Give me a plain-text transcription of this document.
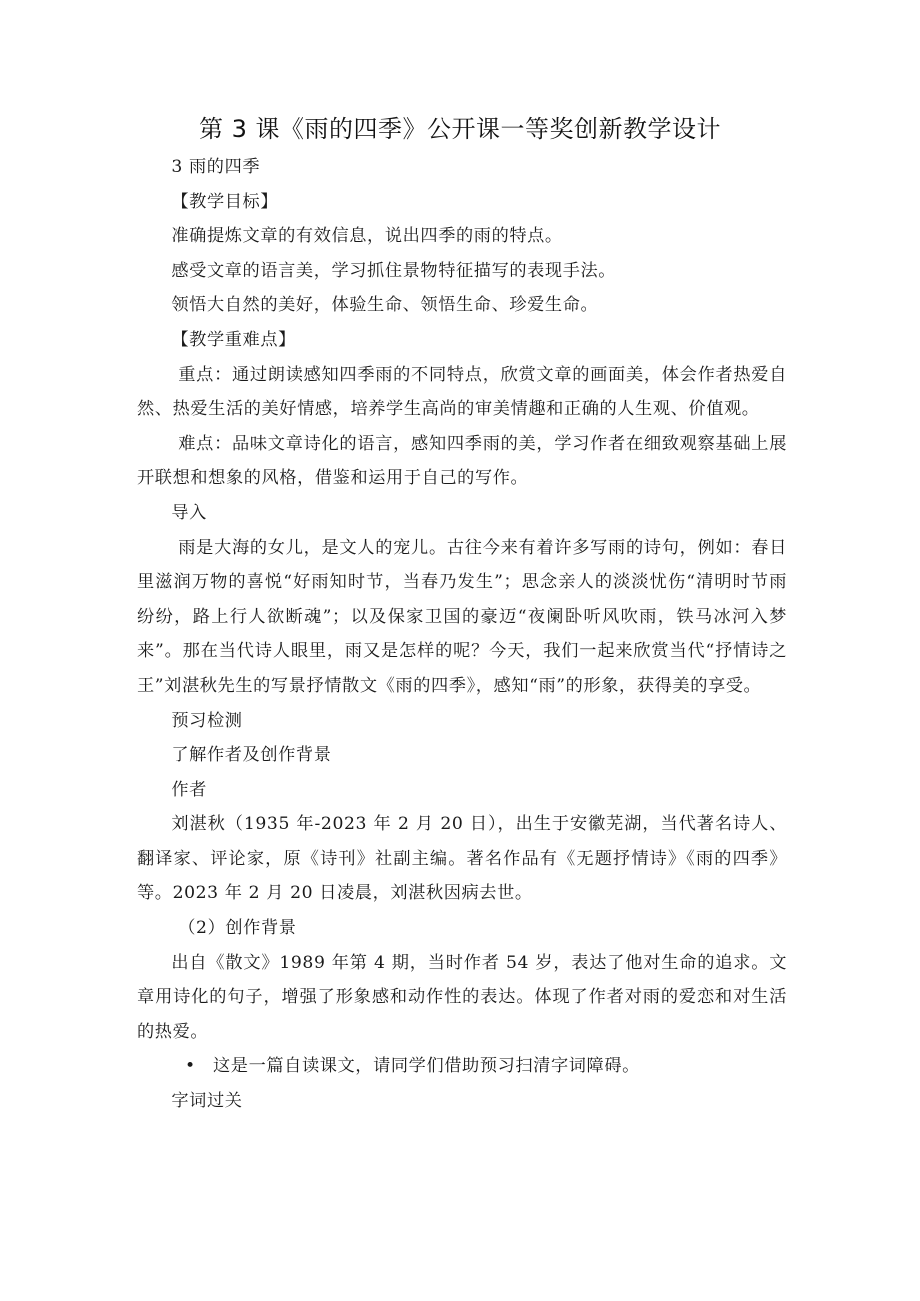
第 3 课《雨的四季》公开课一等奖创新教学设计

3 雨的四季

【教学目标】

准确提炼文章的有效信息，说出四季的雨的特点。

感受文章的语言美，学习抓住景物特征描写的表现手法。

领悟大自然的美好，体验生命、领悟生命、珍爱生命。

【教学重难点】

重点：通过朗读感知四季雨的不同特点，欣赏文章的画面美，体会作者热爱自然、热爱生活的美好情感，培养学生高尚的审美情趣和正确的人生观、价值观。

难点：品味文章诗化的语言，感知四季雨的美，学习作者在细致观察基础上展开联想和想象的风格，借鉴和运用于自己的写作。

导入

雨是大海的女儿，是文人的宠儿。古往今来有着许多写雨的诗句，例如：春日里滋润万物的喜悦“好雨知时节，当春乃发生”；思念亲人的淡淡忧伤“清明时节雨纷纷，路上行人欲断魂”；以及保家卫国的豪迈“夜阑卧听风吹雨，铁马冰河入梦来”。那在当代诗人眼里，雨又是怎样的呢？今天，我们一起来欣赏当代“抒情诗之王”刘湛秋先生的写景抒情散文《雨的四季》，感知“雨”的形象，获得美的享受。

预习检测

了解作者及创作背景

作者

刘湛秋（1935 年-2023 年 2 月 20 日），出生于安徽芜湖，当代著名诗人、翻译家、评论家，原《诗刊》社副主编。著名作品有《无题抒情诗》《雨的四季》等。2023 年 2 月 20 日凌晨，刘湛秋因病去世。

（2）创作背景

出自《散文》1989 年第 4 期，当时作者 54 岁，表达了他对生命的追求。文章用诗化的句子，增强了形象感和动作性的表达。体现了作者对雨的爱恋和对生活的热爱。

• 这是一篇自读课文，请同学们借助预习扫清字词障碍。

字词过关
